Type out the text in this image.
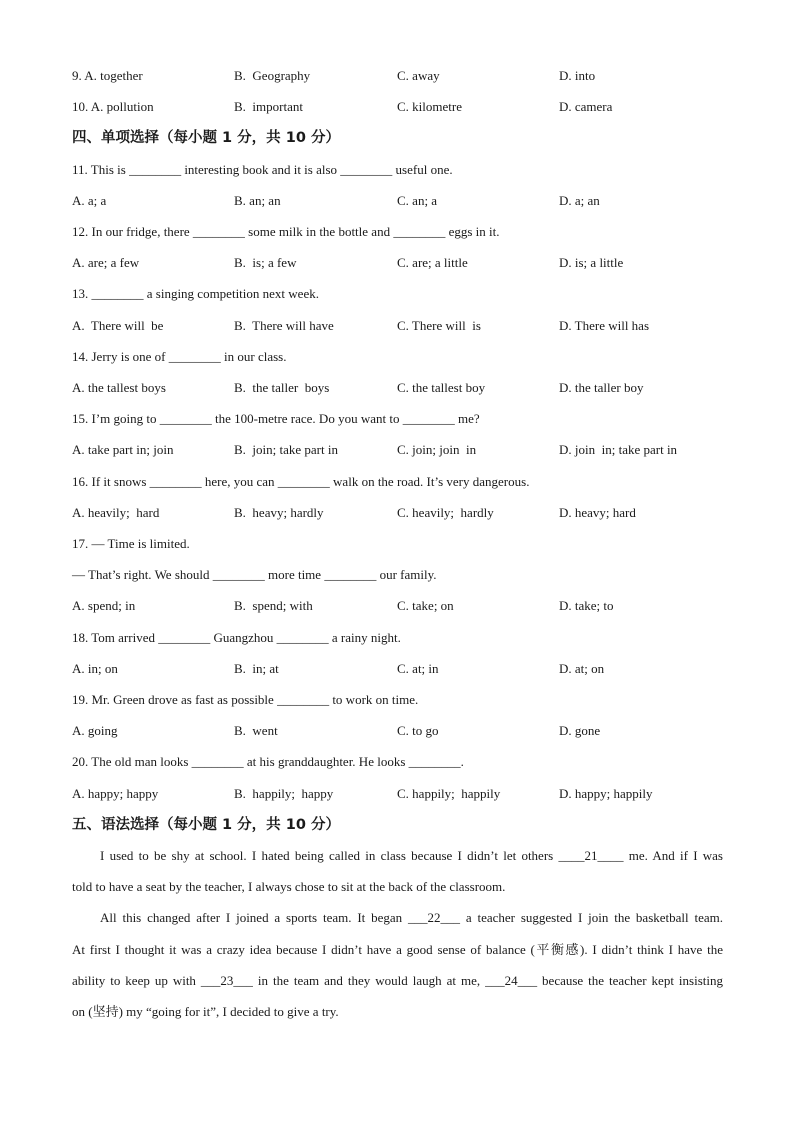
9. A. together	B.  Geography	C. away	D. into
10. A. pollution	B.  important	C. kilometre	D. camera
四、单项选择（每小题 1 分，共 10 分）
11. This is ________ interesting book and it is also ________ useful one.
A. a; a	B. an; an	C. an; a	D. a; an
12. In our fridge, there ________ some milk in the bottle and ________ eggs in it.
A. are; a few	B.  is; a few	C. are; a little	D. is; a little
13. ________ a singing competition next week.
A.  There will  be	B.  There will have	C. There will  is	D. There will has
14. Jerry is one of ________ in our class.
A. the tallest boys	B.  the taller  boys	C. the tallest boy	D. the taller boy
15. I’m going to ________ the 100-metre race. Do you want to ________ me?
A. take part in; join	B.  join; take part in	C. join; join  in	D. join  in; take part in
16. If it snows ________ here, you can ________ walk on the road. It’s very dangerous.
A. heavily;  hard	B.  heavy; hardly	C. heavily;  hardly	D. heavy; hard
17. — Time is limited.
— That’s right. We should ________ more time ________ our family.
A. spend; in	B.  spend; with	C. take; on	D. take; to
18. Tom arrived ________ Guangzhou ________ a rainy night.
A. in; on	B.  in; at	C. at; in	D. at; on
19. Mr. Green drove as fast as possible ________ to work on time.
A. going	B.  went	C. to go	D. gone
20. The old man looks ________ at his granddaughter. He looks ________.
A. happy; happy	B.  happily;  happy	C. happily;  happily	D. happy; happily
五、语法选择（每小题 1 分，共 10 分）
I used to be shy at school. I hated being called in class because I didn’t let others ____21____ me. And if I was
told to have a seat by the teacher, I always chose to sit at the back of the classroom.
All this changed after I joined a sports team. It began ___22___ a teacher suggested I join the basketball team.
At first I thought it was a crazy idea because I didn’t have a good sense of balance (平衡感). I didn’t think I have the
ability to keep up with ___23___ in the team and they would laugh at me, ___24___ because the teacher kept insisting
on (坚持) my “going for it”, I decided to give a try.
